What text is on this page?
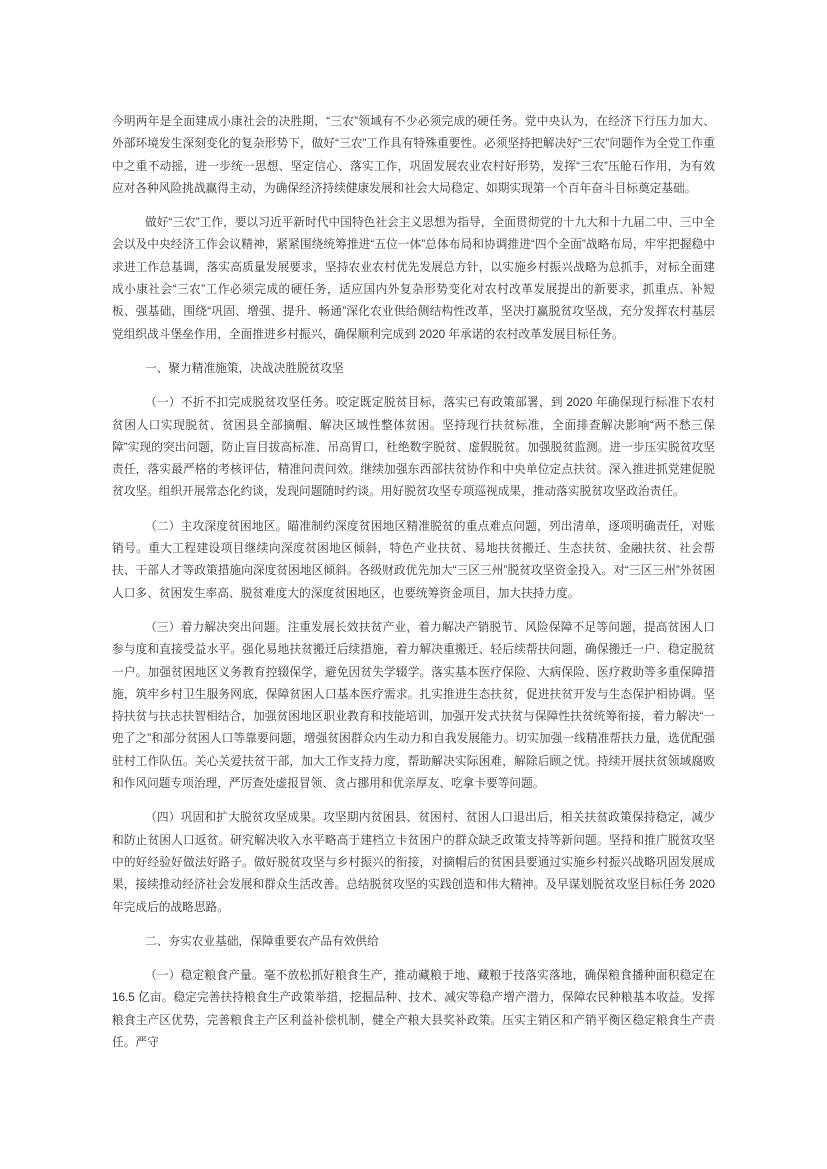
今明两年是全面建成小康社会的决胜期，“三农”领域有不少必须完成的硬任务。党中央认为，在经济下行压力加大、外部环境发生深刻变化的复杂形势下，做好“三农”工作具有特殊重要性。必须坚持把解决好“三农”问题作为全党工作重中之重不动摇，进一步统一思想、坚定信心、落实工作，巩固发展农业农村好形势，发挥“三农”压舱石作用，为有效应对各种风险挑战赢得主动，为确保经济持续健康发展和社会大局稳定、如期实现第一个百年奋斗目标奠定基础。

做好“三农”工作，要以习近平新时代中国特色社会主义思想为指导，全面贯彻党的十九大和十九届二中、三中全会以及中央经济工作会议精神，紧紧围绕统筹推进“五位一体”总体布局和协调推进“四个全面”战略布局，牢牢把握稳中求进工作总基调，落实高质量发展要求，坚持农业农村优先发展总方针，以实施乡村振兴战略为总抓手，对标全面建成小康社会“三农”工作必须完成的硬任务，适应国内外复杂形势变化对农村改革发展提出的新要求，抓重点、补短板、强基础，围绕“巩固、增强、提升、畅通”深化农业供给侧结构性改革，坚决打赢脱贫攻坚战，充分发挥农村基层党组织战斗堡垒作用，全面推进乡村振兴，确保顺利完成到 2020 年承诺的农村改革发展目标任务。

一、聚力精准施策，决战决胜脱贫攻坚

（一）不折不扣完成脱贫攻坚任务。咬定既定脱贫目标，落实已有政策部署，到 2020 年确保现行标准下农村贫困人口实现脱贫、贫困县全部摘帽、解决区域性整体贫困。坚持现行扶贫标准，全面排查解决影响“两不愁三保障”实现的突出问题，防止盲目拔高标准、吊高胃口，杜绝数字脱贫、虚假脱贫。加强脱贫监测。进一步压实脱贫攻坚责任，落实最严格的考核评估，精准问责问效。继续加强东西部扶贫协作和中央单位定点扶贫。深入推进抓党建促脱贫攻坚。组织开展常态化约谈，发现问题随时约谈。用好脱贫攻坚专项巡视成果，推动落实脱贫攻坚政治责任。

（二）主攻深度贫困地区。瞄准制约深度贫困地区精准脱贫的重点难点问题，列出清单，逐项明确责任，对账销号。重大工程建设项目继续向深度贫困地区倾斜，特色产业扶贫、易地扶贫搬迁、生态扶贫、金融扶贫、社会帮扶、干部人才等政策措施向深度贫困地区倾斜。各级财政优先加大“三区三州”脱贫攻坚资金投入。对“三区三州”外贫困人口多、贫困发生率高、脱贫难度大的深度贫困地区，也要统筹资金项目，加大扶持力度。

（三）着力解决突出问题。注重发展长效扶贫产业，着力解决产销脱节、风险保障不足等问题，提高贫困人口参与度和直接受益水平。强化易地扶贫搬迁后续措施，着力解决重搬迁、轻后续帮扶问题，确保搬迁一户、稳定脱贫一户。加强贫困地区义务教育控辍保学，避免因贫失学辍学。落实基本医疗保险、大病保险、医疗救助等多重保障措施，筑牢乡村卫生服务网底，保障贫困人口基本医疗需求。扎实推进生态扶贫，促进扶贫开发与生态保护相协调。坚持扶贫与扶志扶智相结合，加强贫困地区职业教育和技能培训，加强开发式扶贫与保障性扶贫统筹衔接，着力解决“一兜了之”和部分贫困人口等靠要问题，增强贫困群众内生动力和自我发展能力。切实加强一线精准帮扶力量，选优配强驻村工作队伍。关心关爱扶贫干部，加大工作支持力度，帮助解决实际困难，解除后顾之忧。持续开展扶贫领域腐败和作风问题专项治理，严厉查处虚报冒领、贪占挪用和优亲厚友、吃拿卡要等问题。

（四）巩固和扩大脱贫攻坚成果。攻坚期内贫困县、贫困村、贫困人口退出后，相关扶贫政策保持稳定，减少和防止贫困人口返贫。研究解决收入水平略高于建档立卡贫困户的群众缺乏政策支持等新问题。坚持和推广脱贫攻坚中的好经验好做法好路子。做好脱贫攻坚与乡村振兴的衔接，对摘帽后的贫困县要通过实施乡村振兴战略巩固发展成果，接续推动经济社会发展和群众生活改善。总结脱贫攻坚的实践创造和伟大精神。及早谋划脱贫攻坚目标任务 2020 年完成后的战略思路。

二、夯实农业基础，保障重要农产品有效供给

（一）稳定粮食产量。毫不放松抓好粮食生产，推动藏粮于地、藏粮于技落实落地，确保粮食播种面积稳定在 16.5 亿亩。稳定完善扶持粮食生产政策举措，挖掘品种、技术、减灾等稳产增产潜力，保障农民种粮基本收益。发挥粮食主产区优势，完善粮食主产区利益补偿机制，健全产粮大县奖补政策。压实主销区和产销平衡区稳定粮食生产责任。严守
